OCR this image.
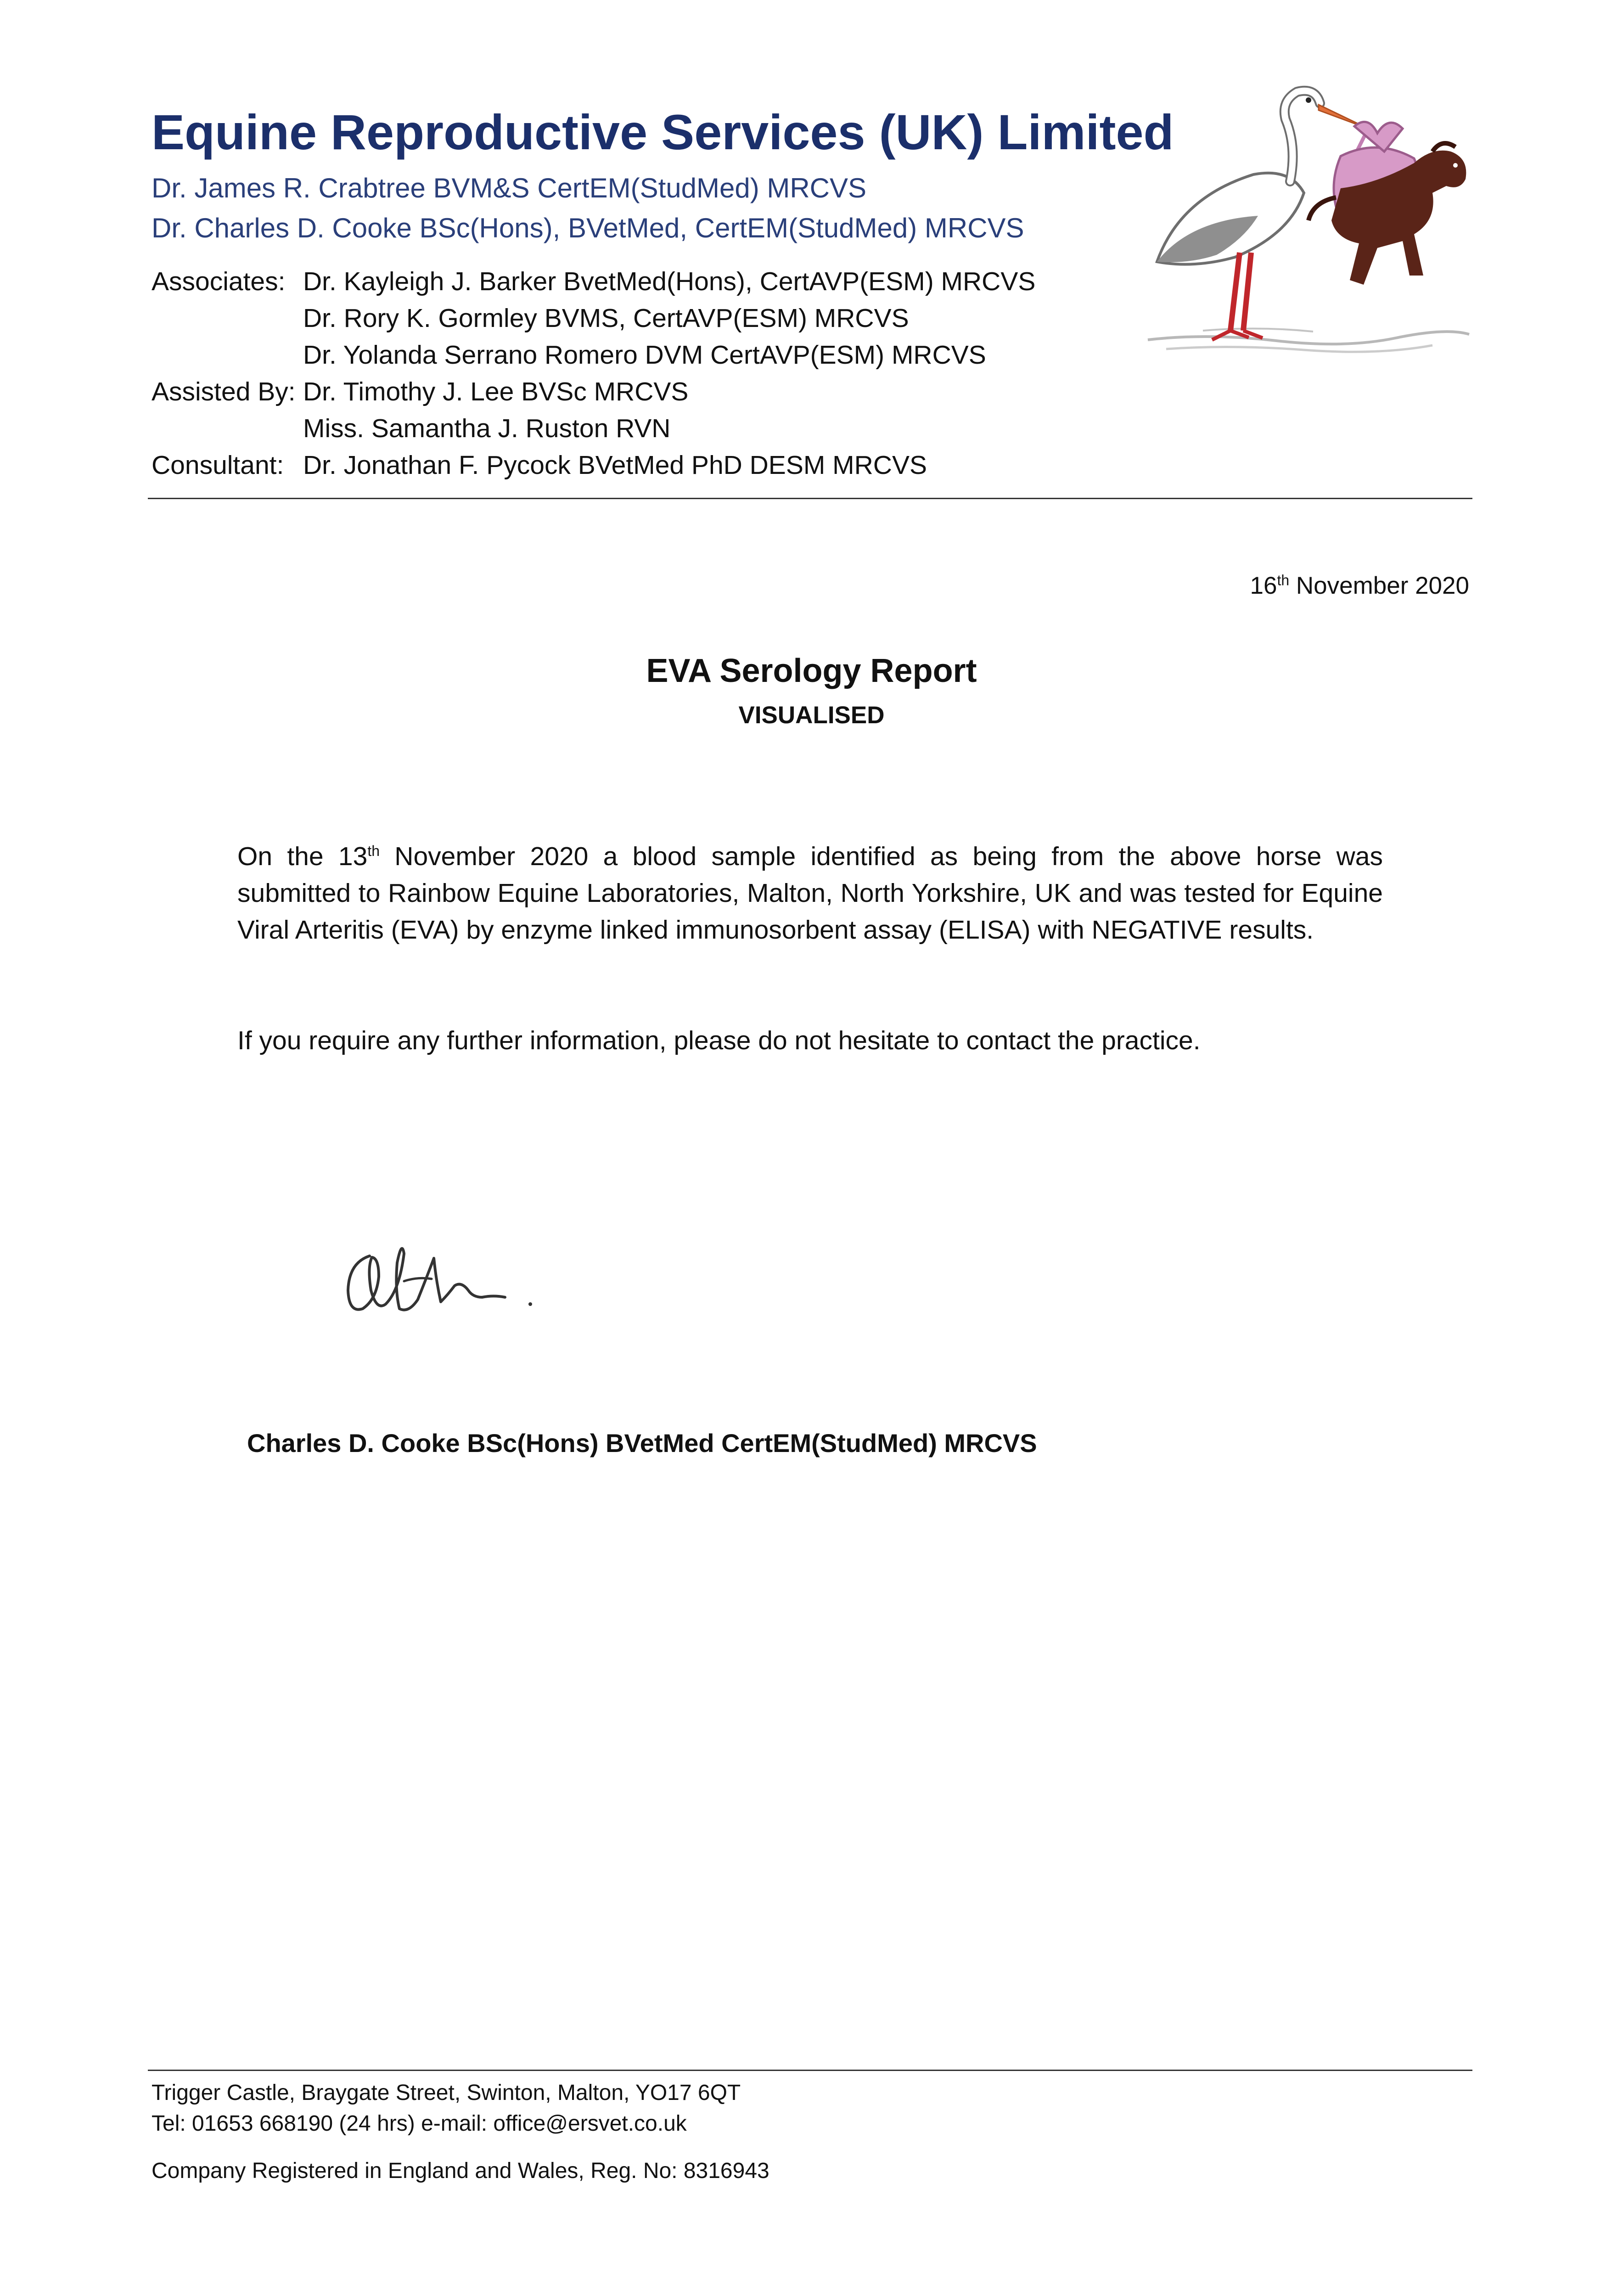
Equine Reproductive Services (UK) Limited
Dr. James R. Crabtree BVM&S CertEM(StudMed) MRCVS
Dr. Charles D. Cooke BSc(Hons), BVetMed, CertEM(StudMed) MRCVS
Associates: Dr. Kayleigh J. Barker BvetMed(Hons), CertAVP(ESM) MRCVS
Dr. Rory K. Gormley BVMS, CertAVP(ESM) MRCVS
Dr. Yolanda Serrano Romero DVM CertAVP(ESM) MRCVS
Assisted By: Dr. Timothy J. Lee BVSc MRCVS
Miss. Samantha J. Ruston RVN
Consultant: Dr. Jonathan F. Pycock BVetMed PhD DESM MRCVS
16th November 2020
EVA Serology Report
VISUALISED

On the 13th November 2020 a blood sample identified as being from the above horse was submitted to Rainbow Equine Laboratories, Malton, North Yorkshire, UK and was tested for Equine Viral Arteritis (EVA) by enzyme linked immunosorbent assay (ELISA) with NEGATIVE results.

If you require any further information, please do not hesitate to contact the practice.

Charles D. Cooke BSc(Hons) BVetMed CertEM(StudMed) MRCVS
Trigger Castle, Braygate Street, Swinton, Malton, YO17 6QT
Tel: 01653 668190 (24 hrs) e-mail: office@ersvet.co.uk
Company Registered in England and Wales, Reg. No: 8316943
